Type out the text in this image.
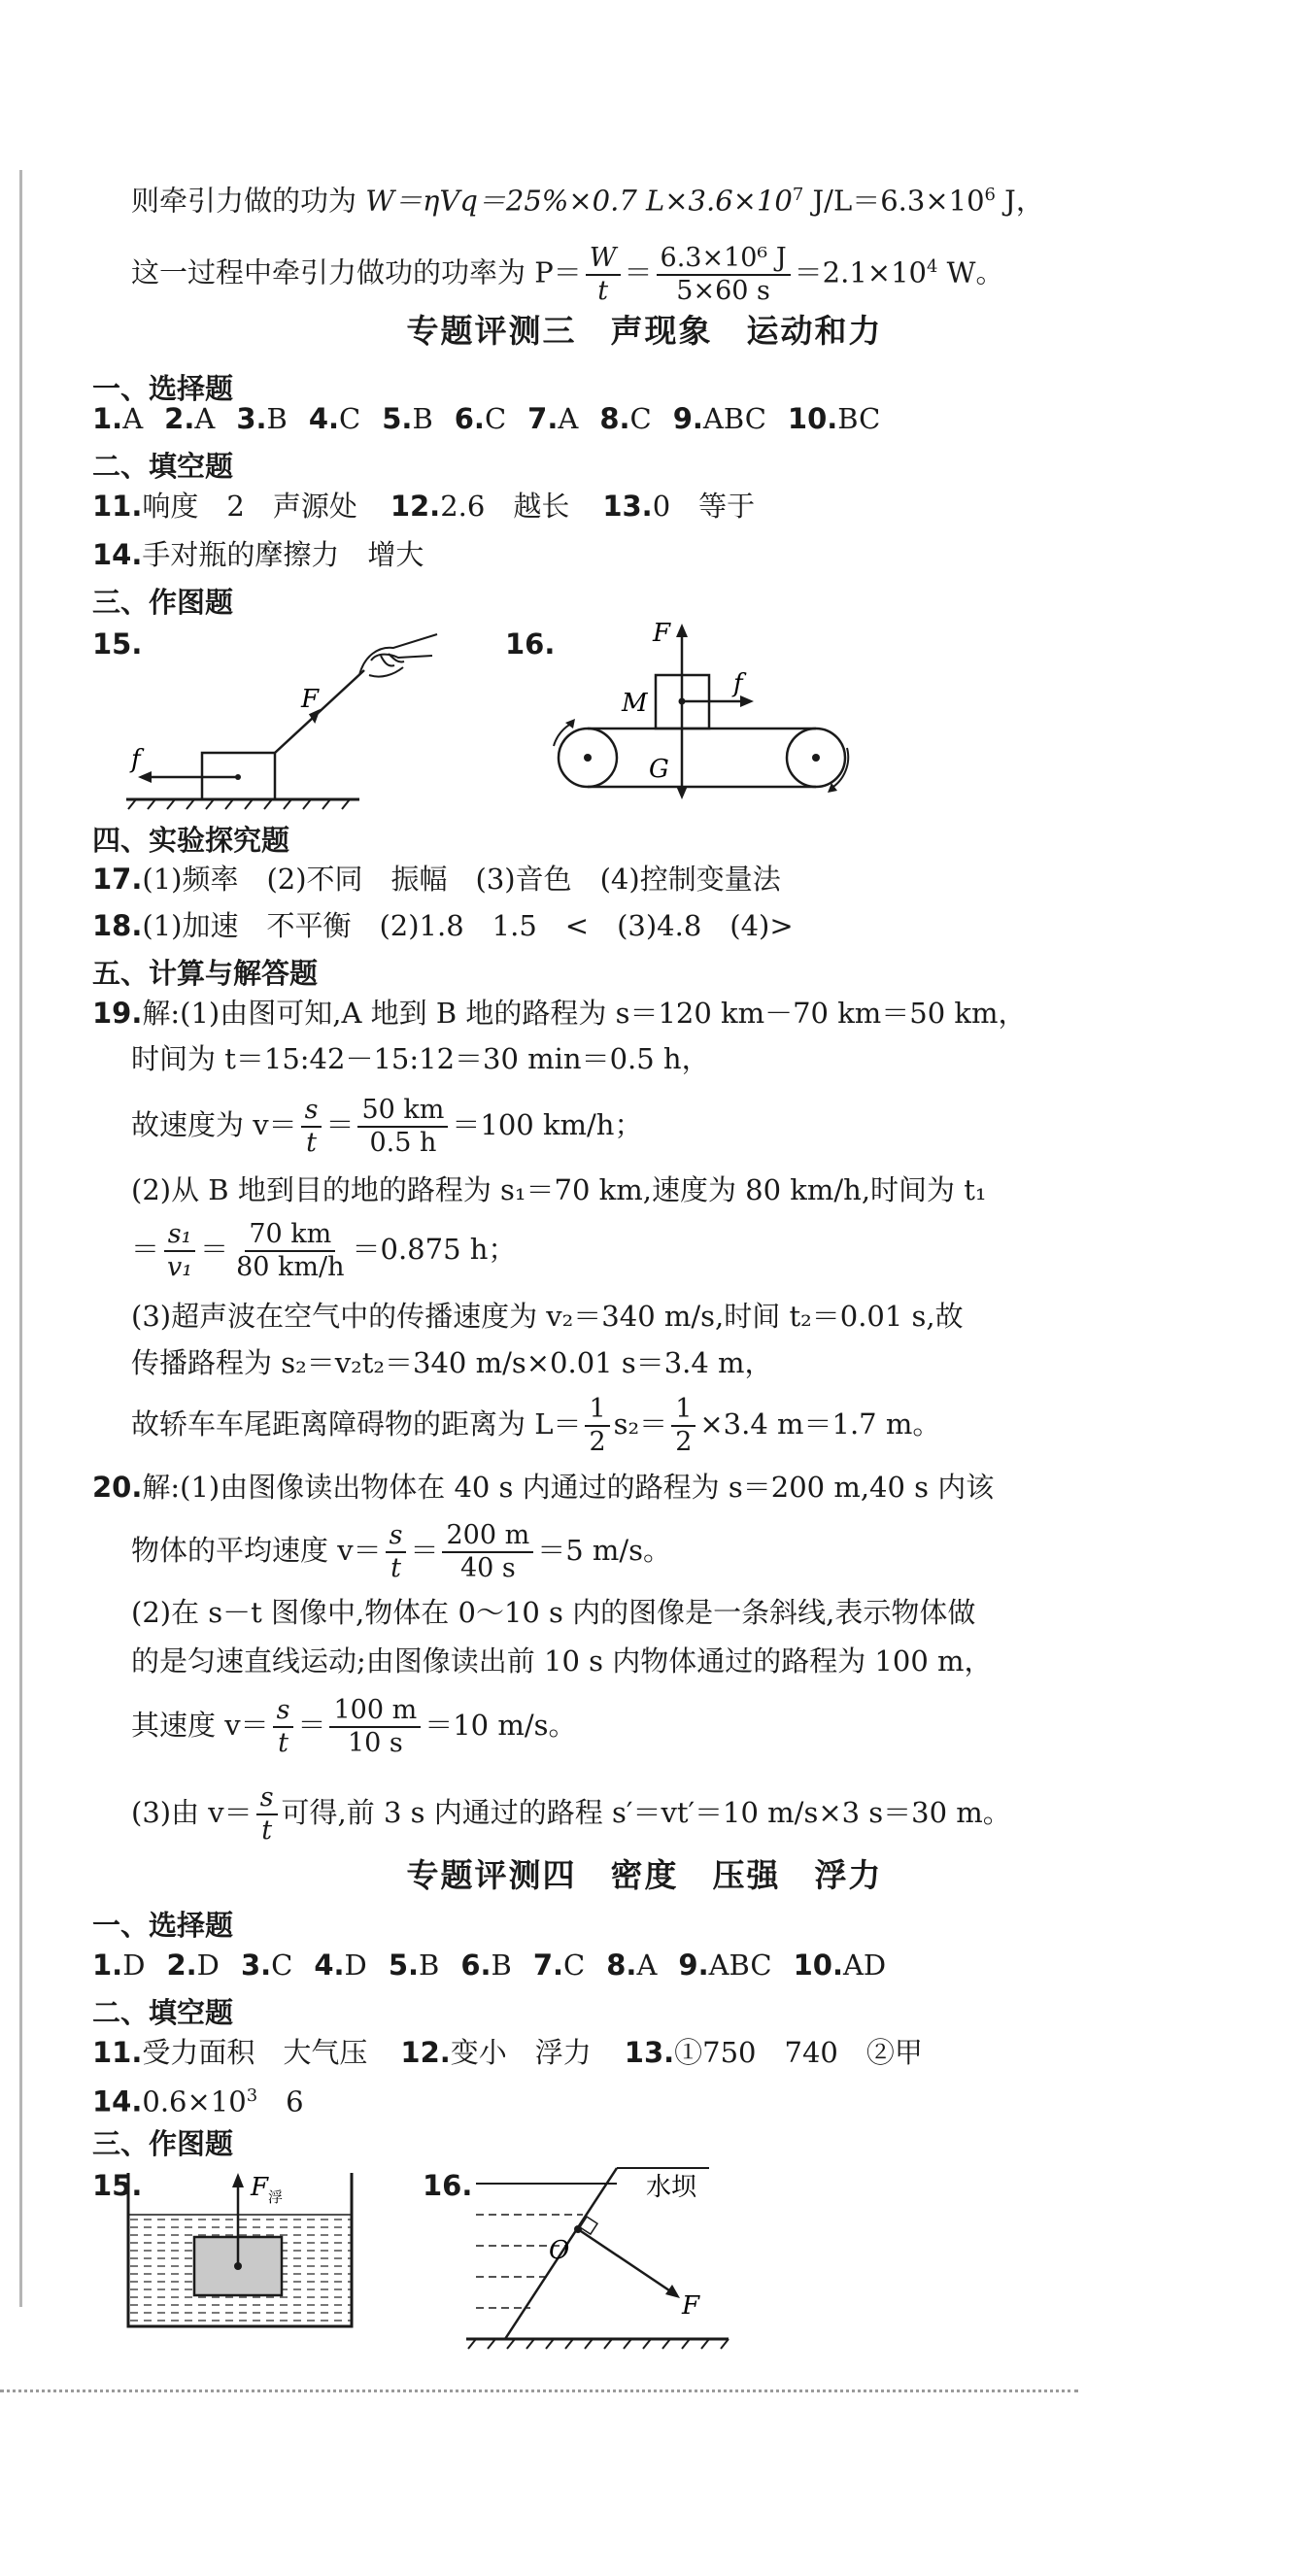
则牵引力做的功为 W＝ηVq＝25%×0.7 $L\times 3.6\times 10^7$ $J/L=6.3\times 10^6$ J，
这一过程中牵引力做功的功率为 $P= \frac{W}{t} = \frac{\text{6.3×10⁶ J}}{5\times 60 s} =2.1\times 10^4$ W。
专题评测三　声现象　运动和力
一、选择题
1.A 2.A 3.B 4.C 5.B 6.C 7.A 8.C 9.ABC 10.BC
二、填空题
11.响度　2　声源处 12.2.6　越长 13.0　等于
14.手对瓶的摩擦力　增大
三、作图题
15.	16.
f
F
F
f
M
G
四、实验探究题
17.(1)频率　(2)不同　振幅　(3)音色　(4)控制变量法
18.(1)加速　不平衡　(2)1.8　1.5　<　(3)4.8　(4)>
五、计算与解答题
19.解:(1)由图可知,A 地到 B 地的路程为 s＝120 km－70 km＝50 km，
时间为 t＝15:42－15:12＝30 min＝0.5 h，
故速度为 $v= \frac{s}{t} = \frac{50 km}{0.5 h} =100$ km/h；
(2)从 B 地到目的地的路程为 s₁＝70 km,速度为 80 km/h,时间为 t₁
＝ $\frac{\text{s₁}}{\text{v₁}} = \frac{70 km}{80 km/h} =0.875$ h；
(3)超声波在空气中的传播速度为 v₂＝340 m/s,时间 t₂＝0.01 s,故
传播路程为 s₂＝v₂t₂＝340 m/s×0.01 s＝3.4 m，
故轿车车尾距离障碍物的距离为 $L= \frac{1}{2} s_2= \frac{1}{2} \times 3.4$ m＝1.7 m。
20.解:(1)由图像读出物体在 40 s 内通过的路程为 s＝200 m,40 s 内该
物体的平均速度 $v= \frac{s}{t} = \frac{200 m}{40 s} =5$ m/s。
(2)在 s－t 图像中,物体在 0～10 s 内的图像是一条斜线,表示物体做
的是匀速直线运动;由图像读出前 10 s 内物体通过的路程为 100 m，
其速度 $v= \frac{s}{t} = \frac{100 m}{10 s} =10$ m/s。
(3)由 $v= \frac{s}{t}$ 可得,前 3 s 内通过的路程 s′＝vt′＝10 m/s×3 s＝30 m。
专题评测四　密度　压强　浮力
一、选择题
1.D 2.D 3.C 4.D 5.B 6.B 7.C 8.A 9.ABC 10.AD
二、填空题
11.受力面积　大气压 12.变小　浮力 13.①750　740　②甲
$14.0.6\times 10^3$　6
三、作图题
15.	16.
F 浮	水坝
O
F
